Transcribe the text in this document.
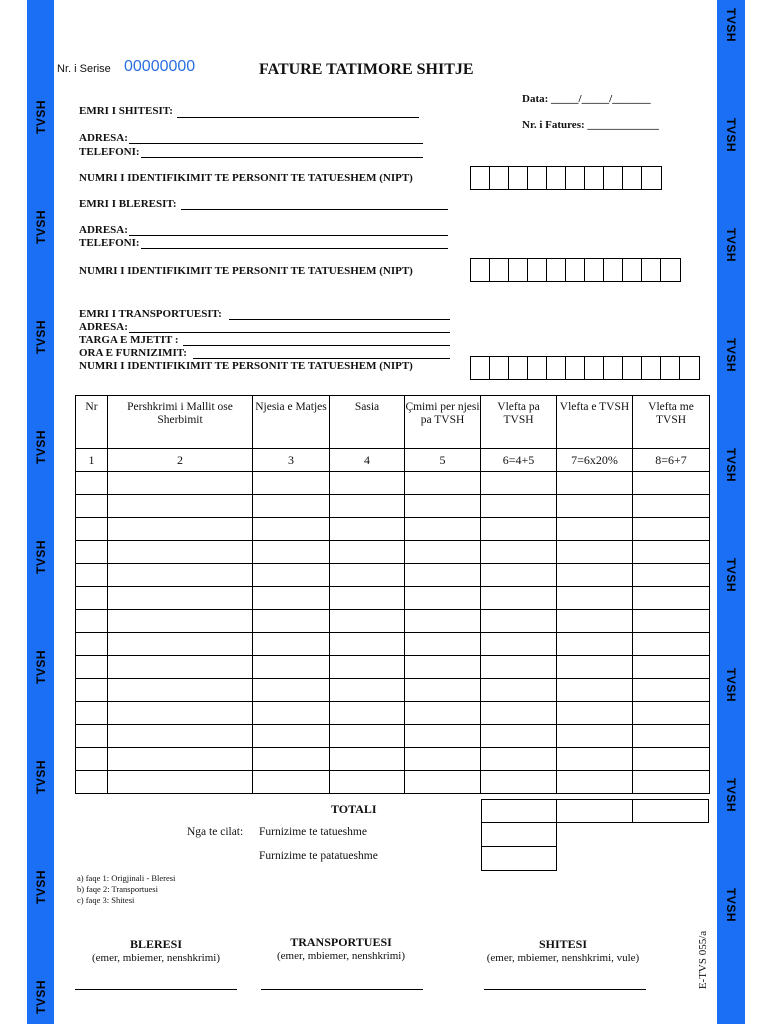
TVSH
TVSH
TVSH
TVSH
TVSH
TVSH
TVSH
TVSH
TVSH
TVSH
TVSH
TVSH
TVSH
TVSH
TVSH
TVSH
TVSH
TVSH
Nr. i Serise 00000000	FATURE TATIMORE SHITJE
Data: _____/_____/_______
Nr. i Fatures: _____________
EMRI I SHITESIT:
ADRESA:
TELEFONI:
NUMRI I IDENTIFIKIMIT TE PERSONIT TE TATUESHEM (NIPT)
EMRI I BLERESIT:
ADRESA:
TELEFONI:
NUMRI I IDENTIFIKIMIT TE PERSONIT TE TATUESHEM (NIPT)
EMRI I TRANSPORTUESIT:
ADRESA:
TARGA E MJETIT :
ORA E FURNIZIMIT:
NUMRI I IDENTIFIKIMIT TE PERSONIT TE TATUESHEM (NIPT)
Nr	Pershkrimi i Mallit ose Sherbimit	Njesia e Matjes	Sasia	Çmimi per njesi pa TVSH	Vlefta pa TVSH	Vlefta e TVSH	Vlefta me TVSH
1	2	3	4	5	6=4+5	7=6x20%	8=6+7

TOTALI
Nga te cilat: Furnizime te tatueshme
Furnizime te patatueshme
a) faqe 1: Origjinali - Bleresi
b) faqe 2: Transportuesi
c) faqe 3: Shitesi
BLERESI
(emer, mbiemer, nenshkrimi)
TRANSPORTUESI
(emer, mbiemer, nenshkrimi)
SHITESI
(emer, mbiemer, nenshkrimi, vule)	E-TVS 055/a
